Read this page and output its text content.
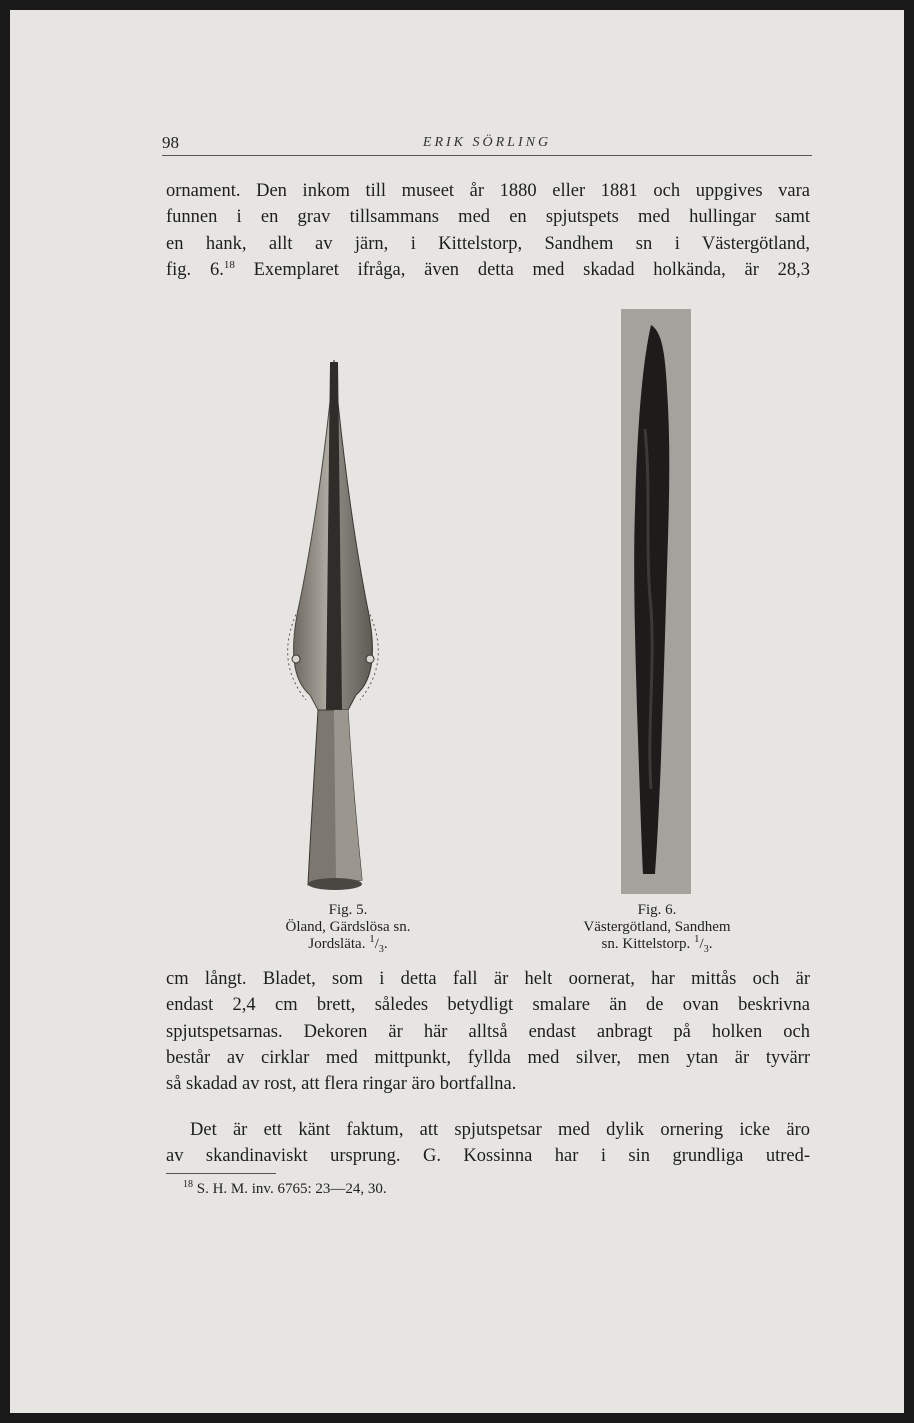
98	ERIK SÖRLING
ornament. Den inkom till museet år 1880 eller 1881 och uppgives vara
funnen i en grav tillsammans med en spjutspets med hullingar samt
en hank, allt av järn, i Kittelstorp, Sandhem sn i Västergötland,
fig. 6.18 Exemplaret ifråga, även detta med skadad holkända, är 28,3
Fig. 5.
Öland, Gärdslösa sn.
Jordsläta. $^1/_3$.
Fig. 6.
Västergötland, Sandhem
sn. Kittelstorp. $^1/_3$.
cm långt. Bladet, som i detta fall är helt oornerat, har mittås och är
endast 2,4 cm brett, således betydligt smalare än de ovan beskrivna
spjutspetsarnas. Dekoren är här alltså endast anbragt på holken och
består av cirklar med mittpunkt, fyllda med silver, men ytan är tyvärr
så skadad av rost, att flera ringar äro bortfallna.
Det är ett känt faktum, att spjutspetsar med dylik ornering icke äro
av skandinaviskt ursprung. G. Kossinna har i sin grundliga utred-
$^{18}$ S. H. M. inv. 6765: 23—24, 30.
